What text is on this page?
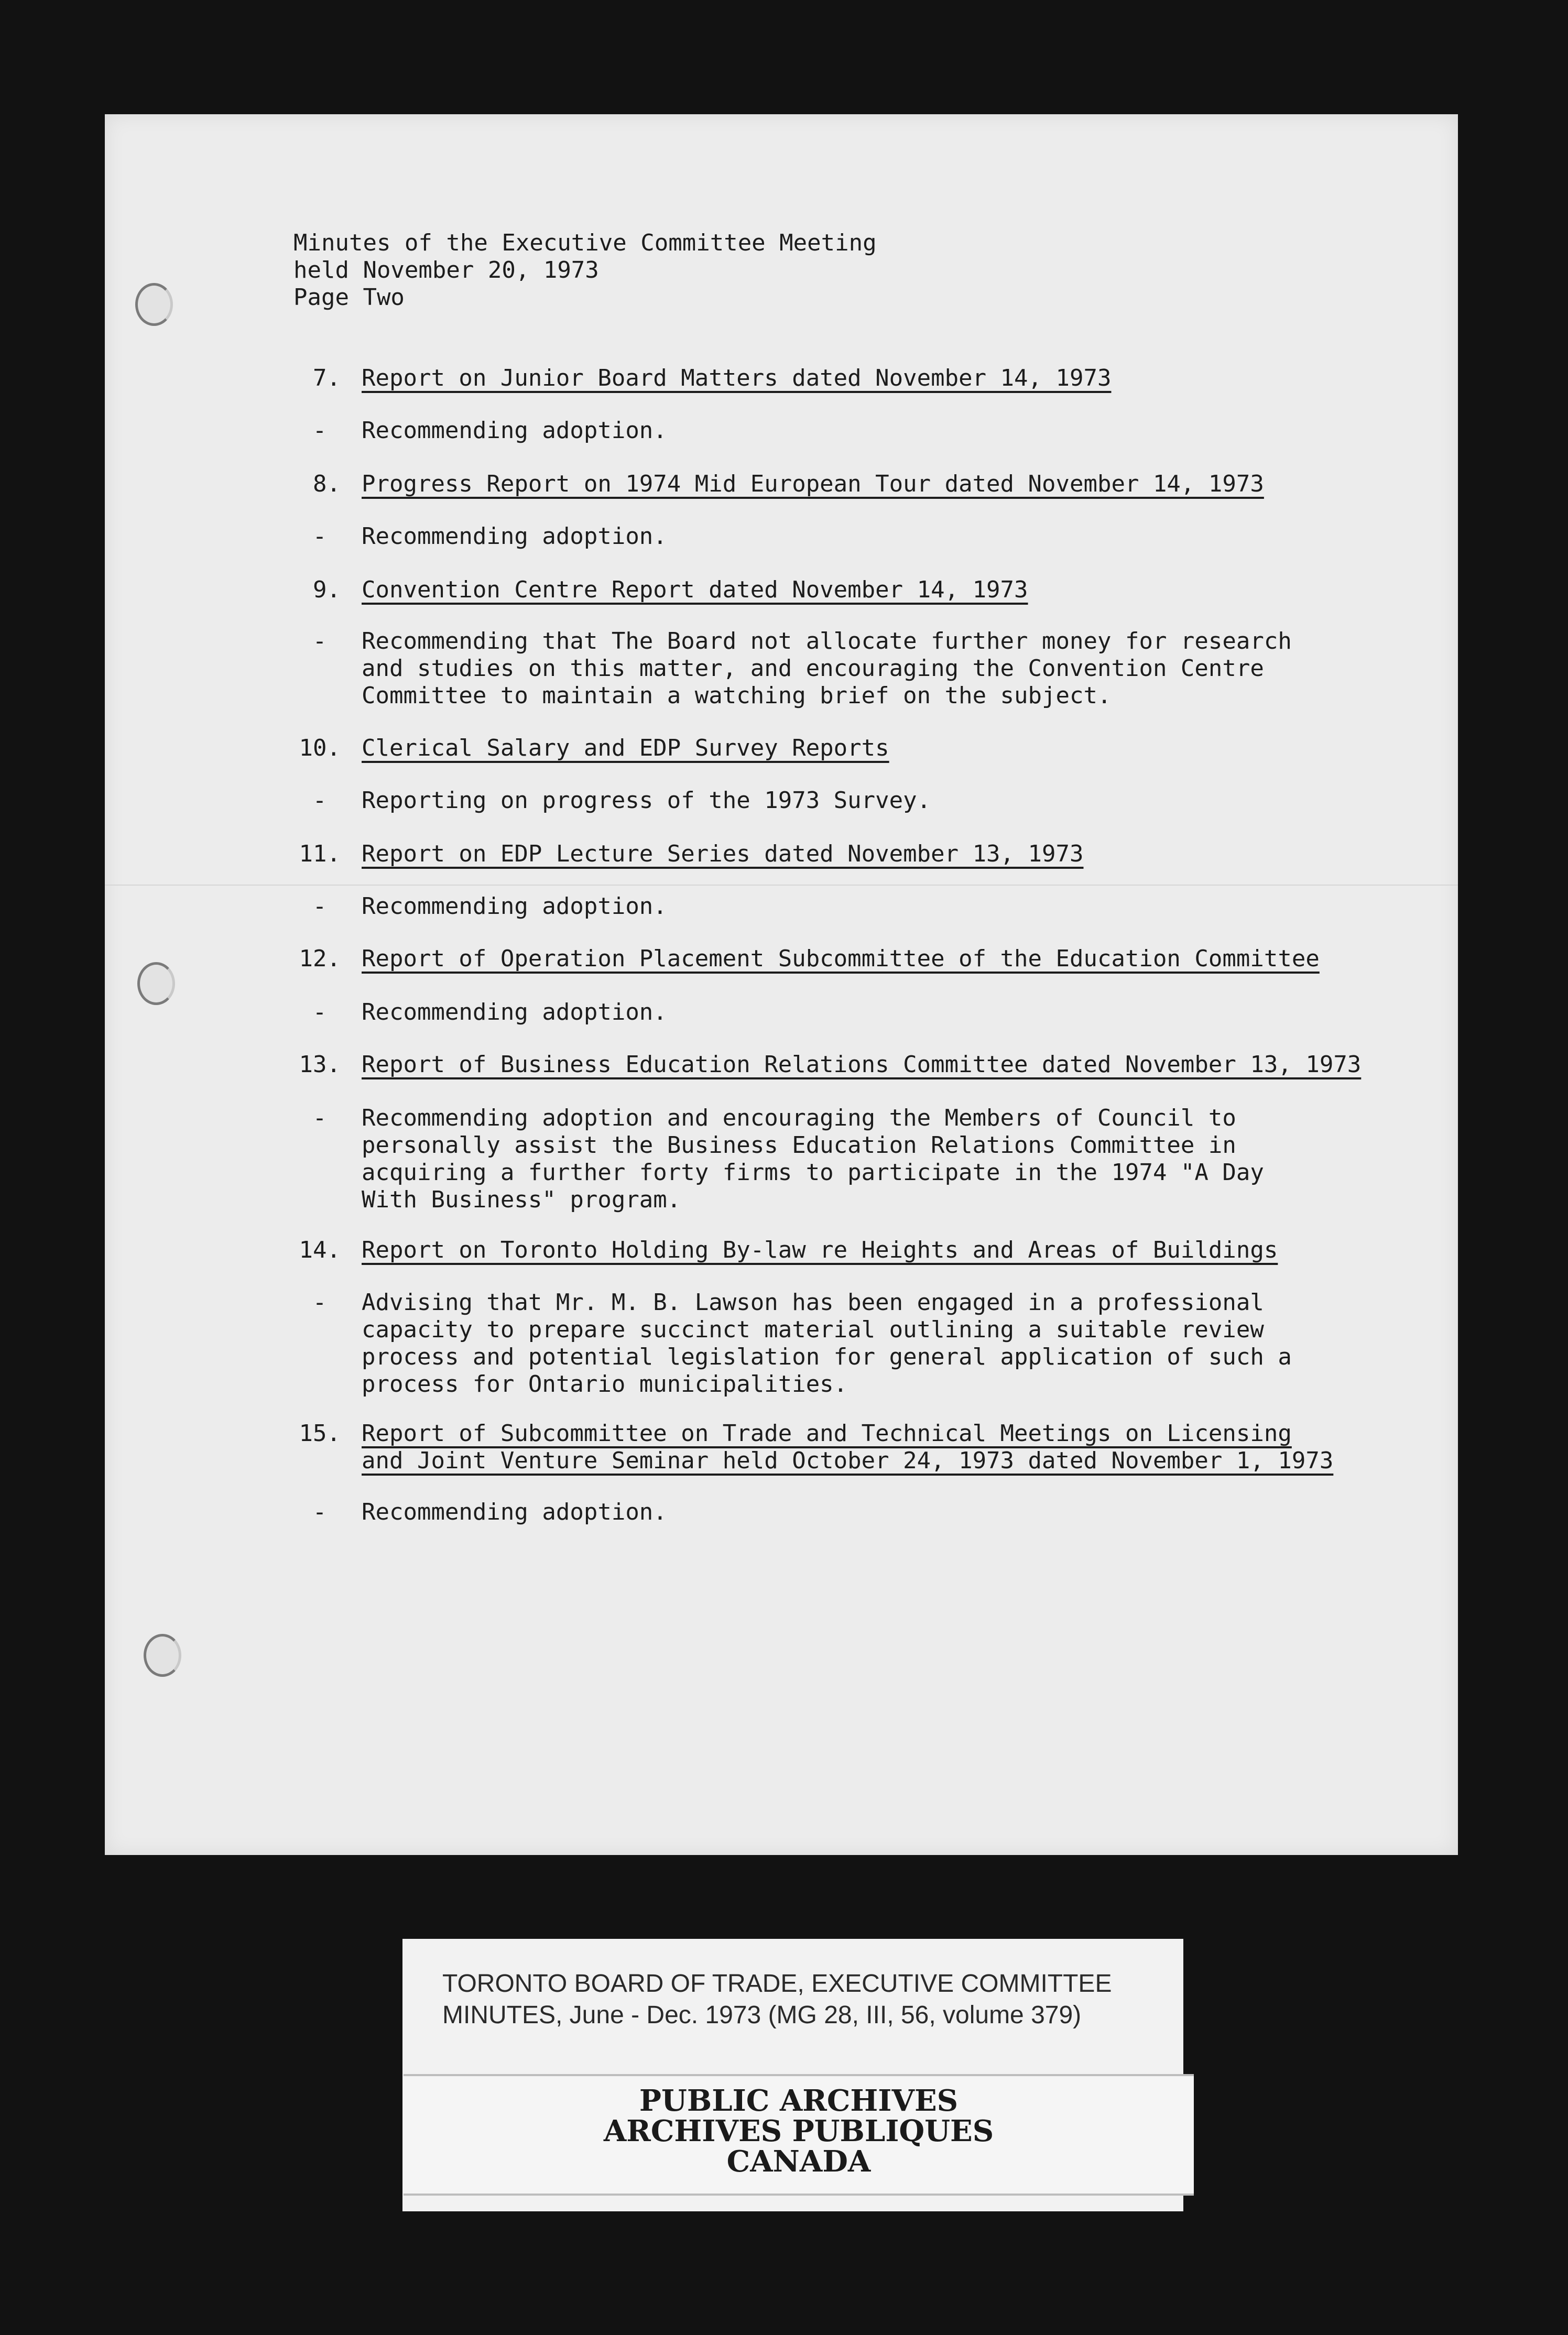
Minutes of the Executive Committee Meeting
held November 20, 1973
Page Two
7. Report on Junior Board Matters dated November 14, 1973
- Recommending adoption.
8. Progress Report on 1974 Mid European Tour dated November 14, 1973
- Recommending adoption.
9. Convention Centre Report dated November 14, 1973
- Recommending that The Board not allocate further money for research
and studies on this matter, and encouraging the Convention Centre
Committee to maintain a watching brief on the subject.
10. Clerical Salary and EDP Survey Reports
- Reporting on progress of the 1973 Survey.
11. Report on EDP Lecture Series dated November 13, 1973
- Recommending adoption.
12. Report of Operation Placement Subcommittee of the Education Committee
- Recommending adoption.
13. Report of Business Education Relations Committee dated November 13, 1973
- Recommending adoption and encouraging the Members of Council to
personally assist the Business Education Relations Committee in
acquiring a further forty firms to participate in the 1974 "A Day
With Business" program.
14. Report on Toronto Holding By-law re Heights and Areas of Buildings
- Advising that Mr. M. B. Lawson has been engaged in a professional
capacity to prepare succinct material outlining a suitable review
process and potential legislation for general application of such a
process for Ontario municipalities.
15. Report of Subcommittee on Trade and Technical Meetings on Licensing
and Joint Venture Seminar held October 24, 1973 dated November 1, 1973
- Recommending adoption.
TORONTO BOARD OF TRADE, EXECUTIVE COMMITTEE
MINUTES, June - Dec. 1973 (MG 28, III, 56, volume 379)
PUBLIC ARCHIVES
ARCHIVES PUBLIQUES
CANADA
